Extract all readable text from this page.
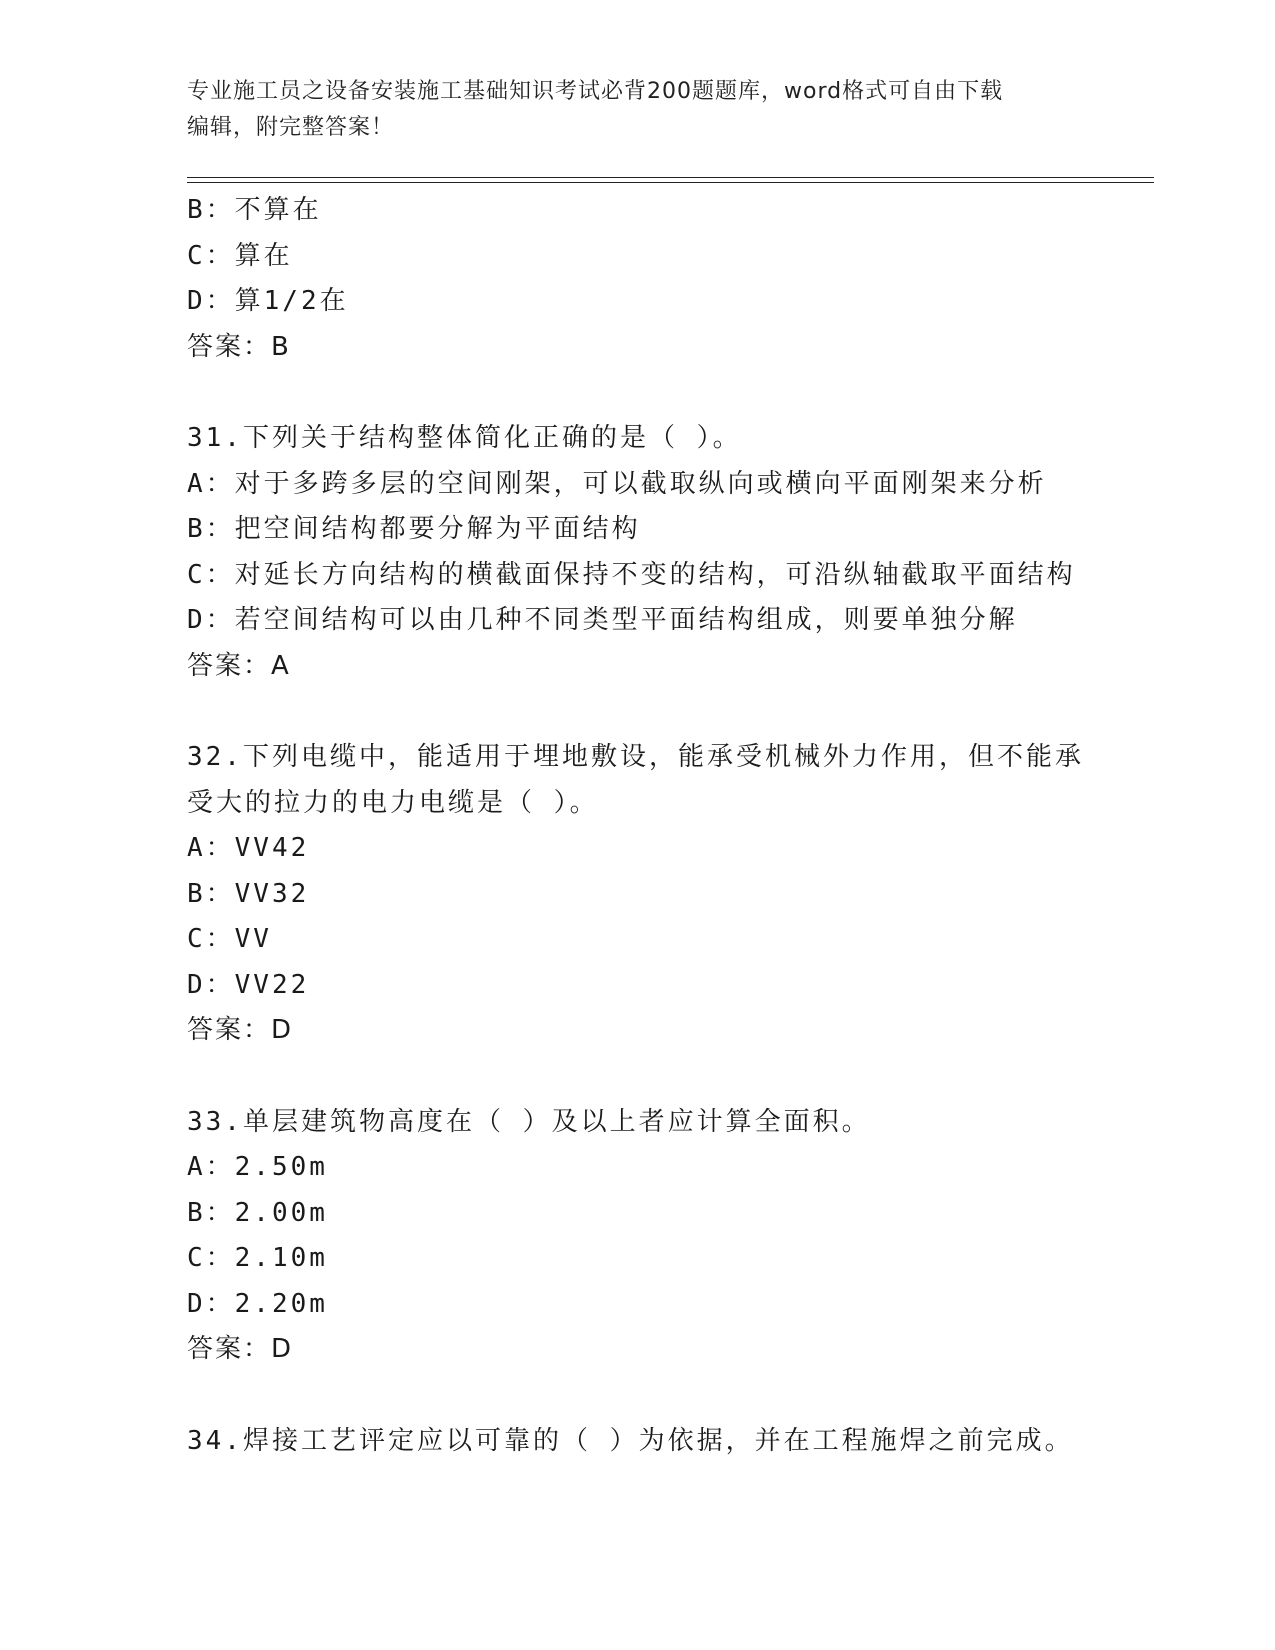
专业施工员之设备安装施工基础知识考试必背200题题库，word格式可自由下载
编辑，附完整答案！
B：不算在
C：算在
D：算1/2在
答案：B
31.下列关于结构整体简化正确的是（ ）。
A：对于多跨多层的空间刚架，可以截取纵向或横向平面刚架来分析
B：把空间结构都要分解为平面结构
C：对延长方向结构的横截面保持不变的结构，可沿纵轴截取平面结构
D：若空间结构可以由几种不同类型平面结构组成，则要单独分解
答案：A
32.下列电缆中，能适用于埋地敷设，能承受机械外力作用，但不能承
受大的拉力的电力电缆是（ ）。
A：VV42
B：VV32
C：VV
D：VV22
答案：D
33.单层建筑物高度在（ ）及以上者应计算全面积。
A：2.50m
B：2.00m
C：2.10m
D：2.20m
答案：D
34.焊接工艺评定应以可靠的（ ）为依据，并在工程施焊之前完成。
